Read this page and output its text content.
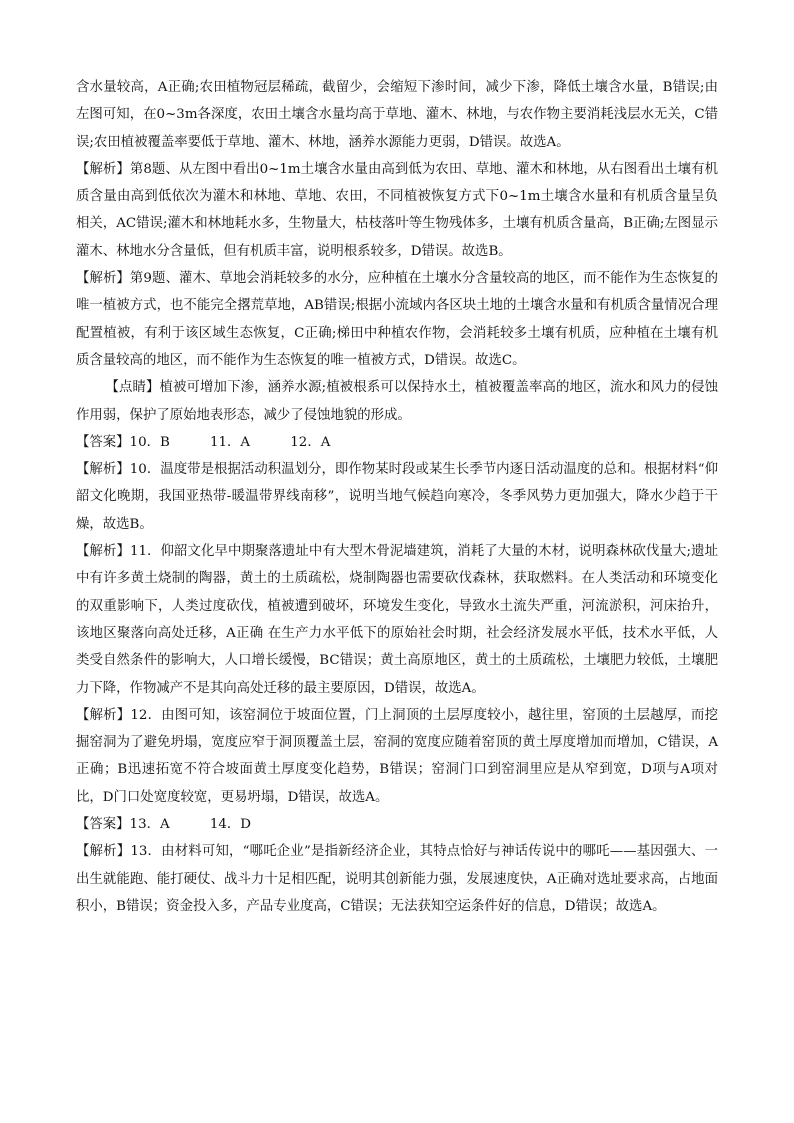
含水量较高，A正确;农田植物冠层稀疏，截留少，会缩短下渗时间，减少下渗，降低土壤含水量，B错误;由左图可知，在0~3m各深度，农田土壤含水量均高于草地、灌木、林地，与农作物主要消耗浅层水无关，C错误;农田植被覆盖率要低于草地、灌木、林地，涵养水源能力更弱，D错误。故选A。

【解析】第8题、从左图中看出0~1m土壤含水量由高到低为农田、草地、灌木和林地，从右图看出土壤有机质含量由高到低依次为灌木和林地、草地、农田，不同植被恢复方式下0~1m土壤含水量和有机质含量呈负相关，AC错误;灌木和林地耗水多，生物量大，枯枝落叶等生物残体多，土壤有机质含量高，B正确;左图显示灌木、林地水分含量低，但有机质丰富，说明根系较多，D错误。故选B。

【解析】第9题、灌木、草地会消耗较多的水分，应种植在土壤水分含量较高的地区，而不能作为生态恢复的唯一植被方式，也不能完全撂荒草地，AB错误;根据小流域内各区块土地的土壤含水量和有机质含量情况合理配置植被，有利于该区域生态恢复，C正确;梯田中种植农作物，会消耗较多土壤有机质，应种植在土壤有机质含量较高的地区，而不能作为生态恢复的唯一植被方式，D错误。故选C。

【点睛】植被可增加下渗，涵养水源;植被根系可以保持水土，植被覆盖率高的地区，流水和风力的侵蚀作用弱，保护了原始地表形态，减少了侵蚀地貌的形成。

【答案】10．B　　　11．A　　　12．A

【解析】10．温度带是根据活动积温划分，即作物某时段或某生长季节内逐日活动温度的总和。根据材料“仰韶文化晚期，我国亚热带-暖温带界线南移”，说明当地气候趋向寒冷，冬季风势力更加强大，降水少趋于干燥，故选B。

【解析】11．仰韶文化早中期聚落遗址中有大型木骨泥墙建筑，消耗了大量的木材，说明森林砍伐量大;遗址中有许多黄土烧制的陶器，黄土的土质疏松，烧制陶器也需要砍伐森林，获取燃料。在人类活动和环境变化的双重影响下，人类过度砍伐，植被遭到破坏，环境发生变化，导致水土流失严重，河流淤积，河床抬升，该地区聚落向高处迁移，A正确 在生产力水平低下的原始社会时期，社会经济发展水平低，技术水平低，人类受自然条件的影响大，人口增长缓慢，BC错误；黄土高原地区，黄土的土质疏松，土壤肥力较低，土壤肥力下降，作物减产不是其向高处迁移的最主要原因，D错误，故选A。

【解析】12．由图可知，该窑洞位于坡面位置，门上洞顶的土层厚度较小，越往里，窑顶的土层越厚，而挖掘窑洞为了避免坍塌，宽度应窄于洞顶覆盖土层，窑洞的宽度应随着窑顶的黄土厚度增加而增加，C错误，A正确；B迅速拓宽不符合坡面黄土厚度变化趋势，B错误；窑洞门口到窑洞里应是从窄到宽，D项与A项对比，D门口处宽度较宽，更易坍塌，D错误，故选A。

【答案】13．A　　　14．D

【解析】13．由材料可知，“哪吒企业”是指新经济企业，其特点恰好与神话传说中的哪吒——基因强大、一出生就能跑、能打硬仗、战斗力十足相匹配，说明其创新能力强，发展速度快，A正确对选址要求高，占地面积小，B错误；资金投入多，产品专业度高，C错误；无法获知空运条件好的信息，D错误；故选A。
